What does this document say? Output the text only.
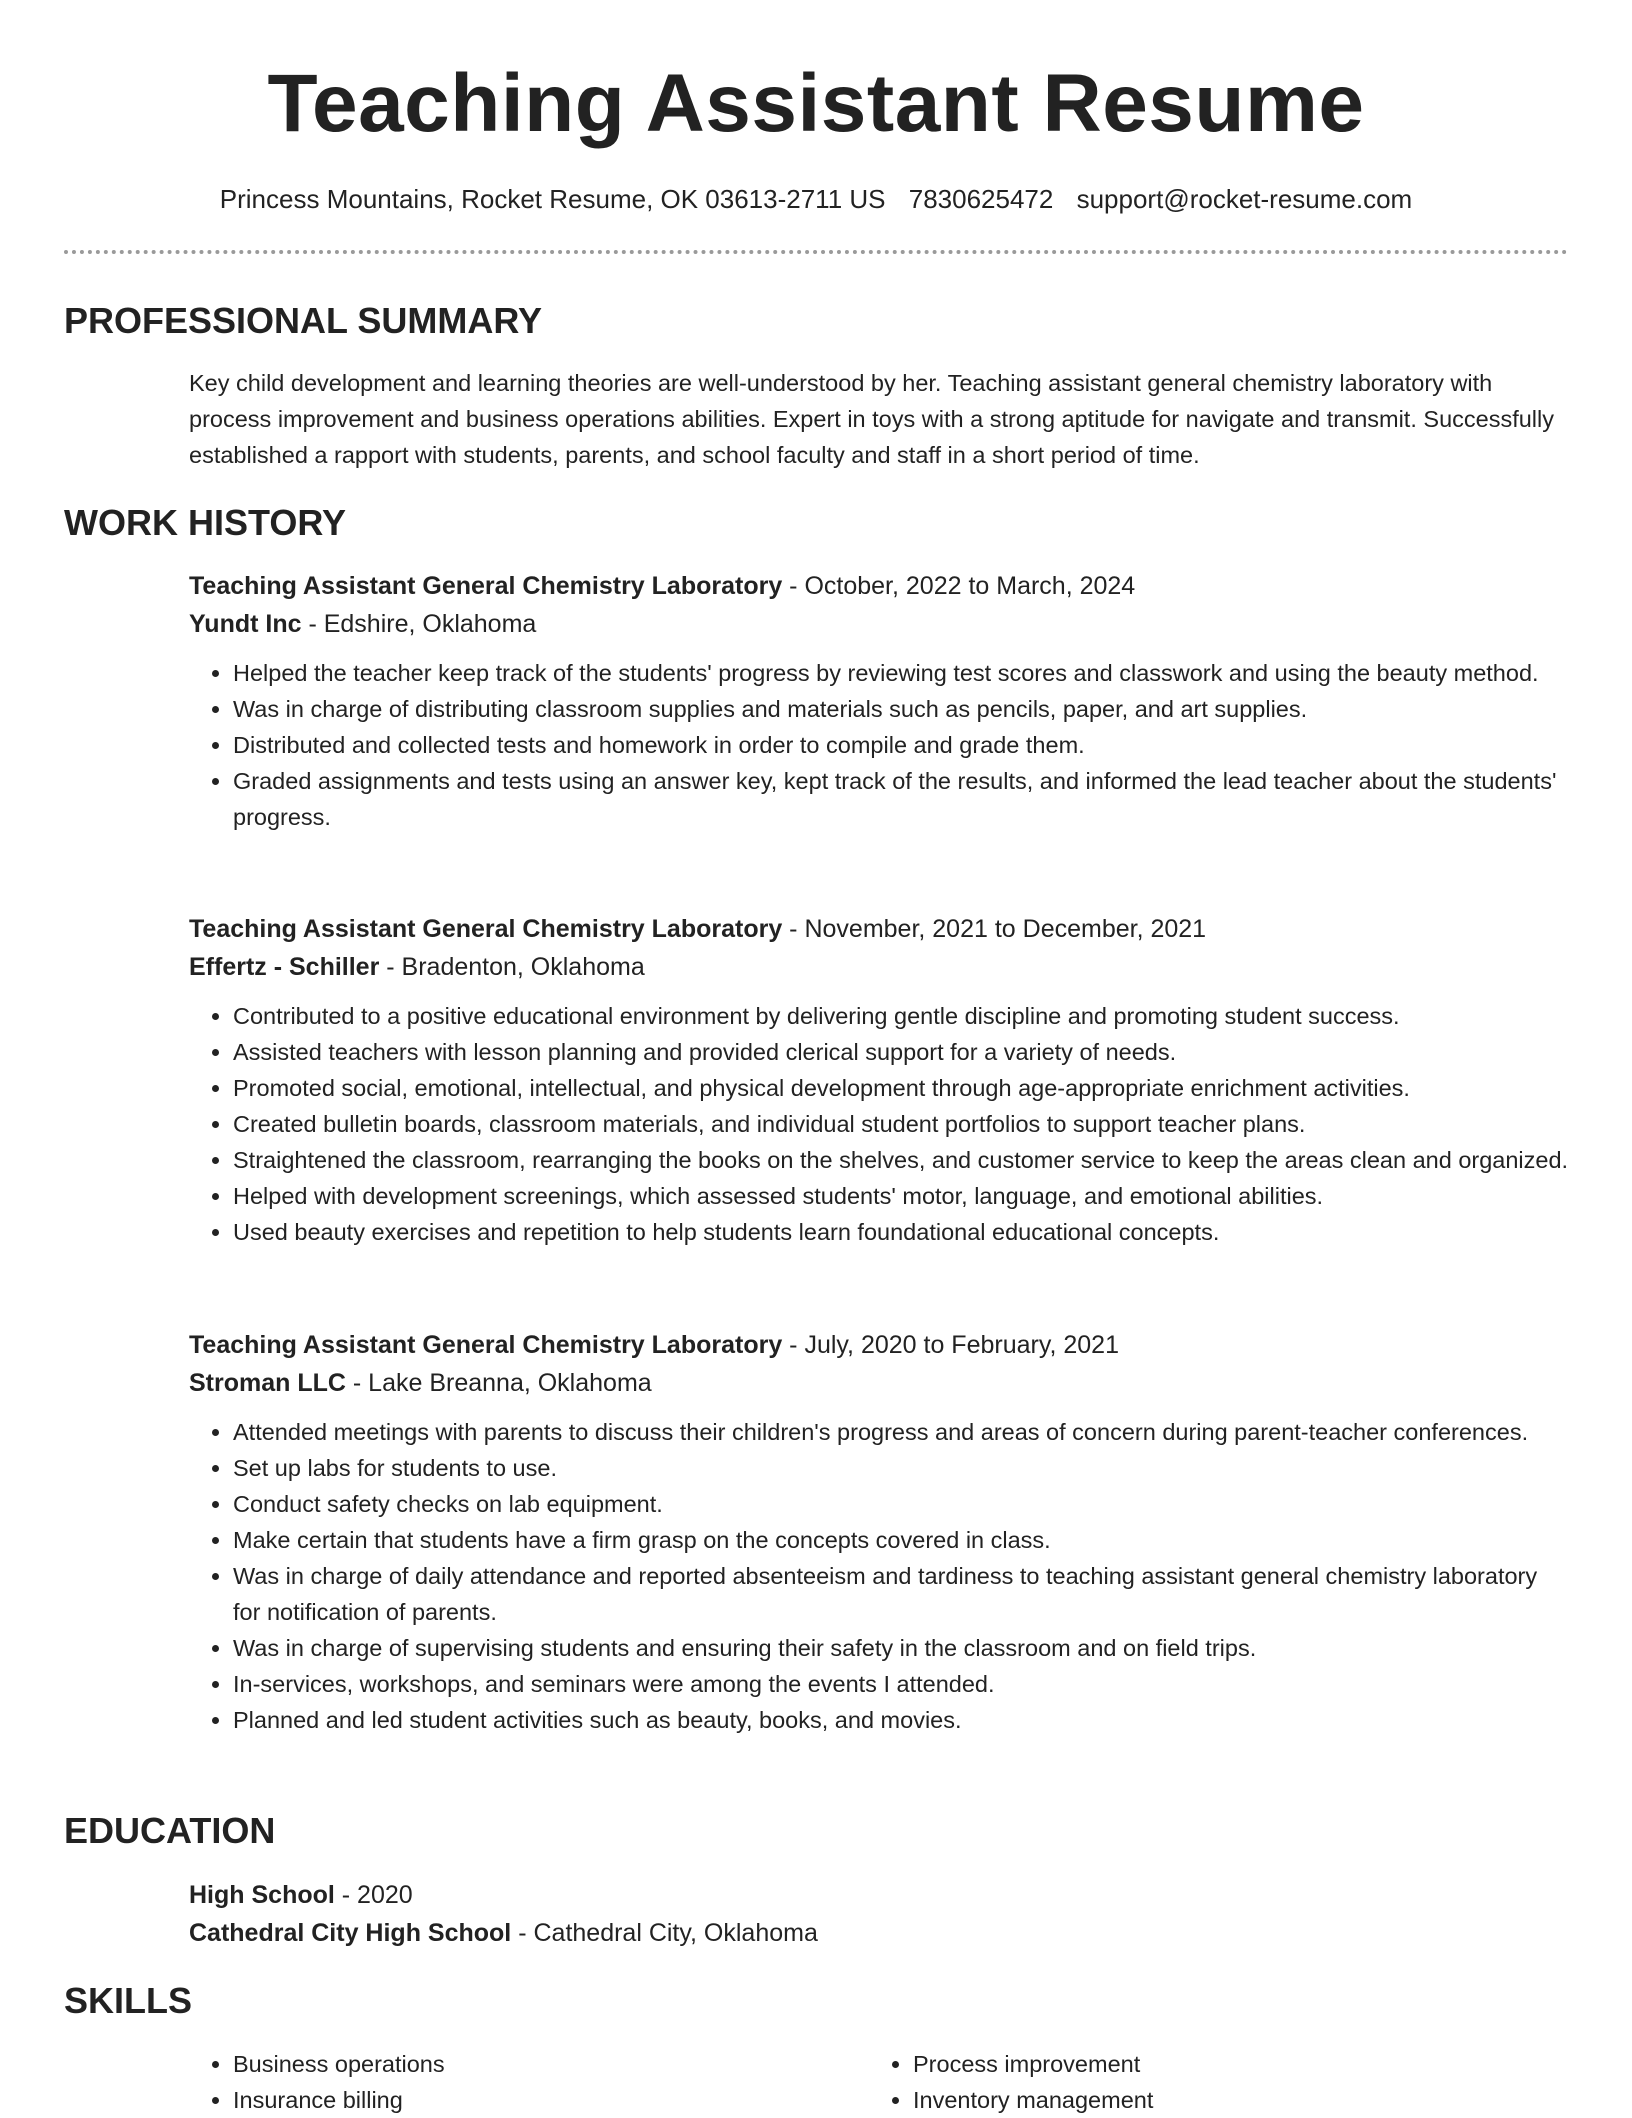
Teaching Assistant Resume
Princess Mountains, Rocket Resume, OK 03613-2711 US 7830625472 support@rocket-resume.com
PROFESSIONAL SUMMARY

Key child development and learning theories are well-understood by her. Teaching assistant general chemistry laboratory with process improvement and business operations abilities. Expert in toys with a strong aptitude for navigate and transmit. Successfully established a rapport with students, parents, and school faculty and staff in a short period of time.

WORK HISTORY

Teaching Assistant General Chemistry Laboratory - October, 2022 to March, 2024

Yundt Inc - Edshire, Oklahoma

• Helped the teacher keep track of the students' progress by reviewing test scores and classwork and using the beauty method.
• Was in charge of distributing classroom supplies and materials such as pencils, paper, and art supplies.
• Distributed and collected tests and homework in order to compile and grade them.
• Graded assignments and tests using an answer key, kept track of the results, and informed the lead teacher about the students' progress.

Teaching Assistant General Chemistry Laboratory - November, 2021 to December, 2021

Effertz - Schiller - Bradenton, Oklahoma

• Contributed to a positive educational environment by delivering gentle discipline and promoting student success.
• Assisted teachers with lesson planning and provided clerical support for a variety of needs.
• Promoted social, emotional, intellectual, and physical development through age-appropriate enrichment activities.
• Created bulletin boards, classroom materials, and individual student portfolios to support teacher plans.
• Straightened the classroom, rearranging the books on the shelves, and customer service to keep the areas clean and organized.
• Helped with development screenings, which assessed students' motor, language, and emotional abilities.
• Used beauty exercises and repetition to help students learn foundational educational concepts.

Teaching Assistant General Chemistry Laboratory - July, 2020 to February, 2021

Stroman LLC - Lake Breanna, Oklahoma

• Attended meetings with parents to discuss their children's progress and areas of concern during parent-teacher conferences.
• Set up labs for students to use.
• Conduct safety checks on lab equipment.
• Make certain that students have a firm grasp on the concepts covered in class.
• Was in charge of daily attendance and reported absenteeism and tardiness to teaching assistant general chemistry laboratory for notification of parents.
• Was in charge of supervising students and ensuring their safety in the classroom and on field trips.
• In-services, workshops, and seminars were among the events I attended.
• Planned and led student activities such as beauty, books, and movies.
EDUCATION

High School - 2020

Cathedral City High School - Cathedral City, Oklahoma

SKILLS
• Business operations
• Insurance billing
• Process improvement
• Inventory management
